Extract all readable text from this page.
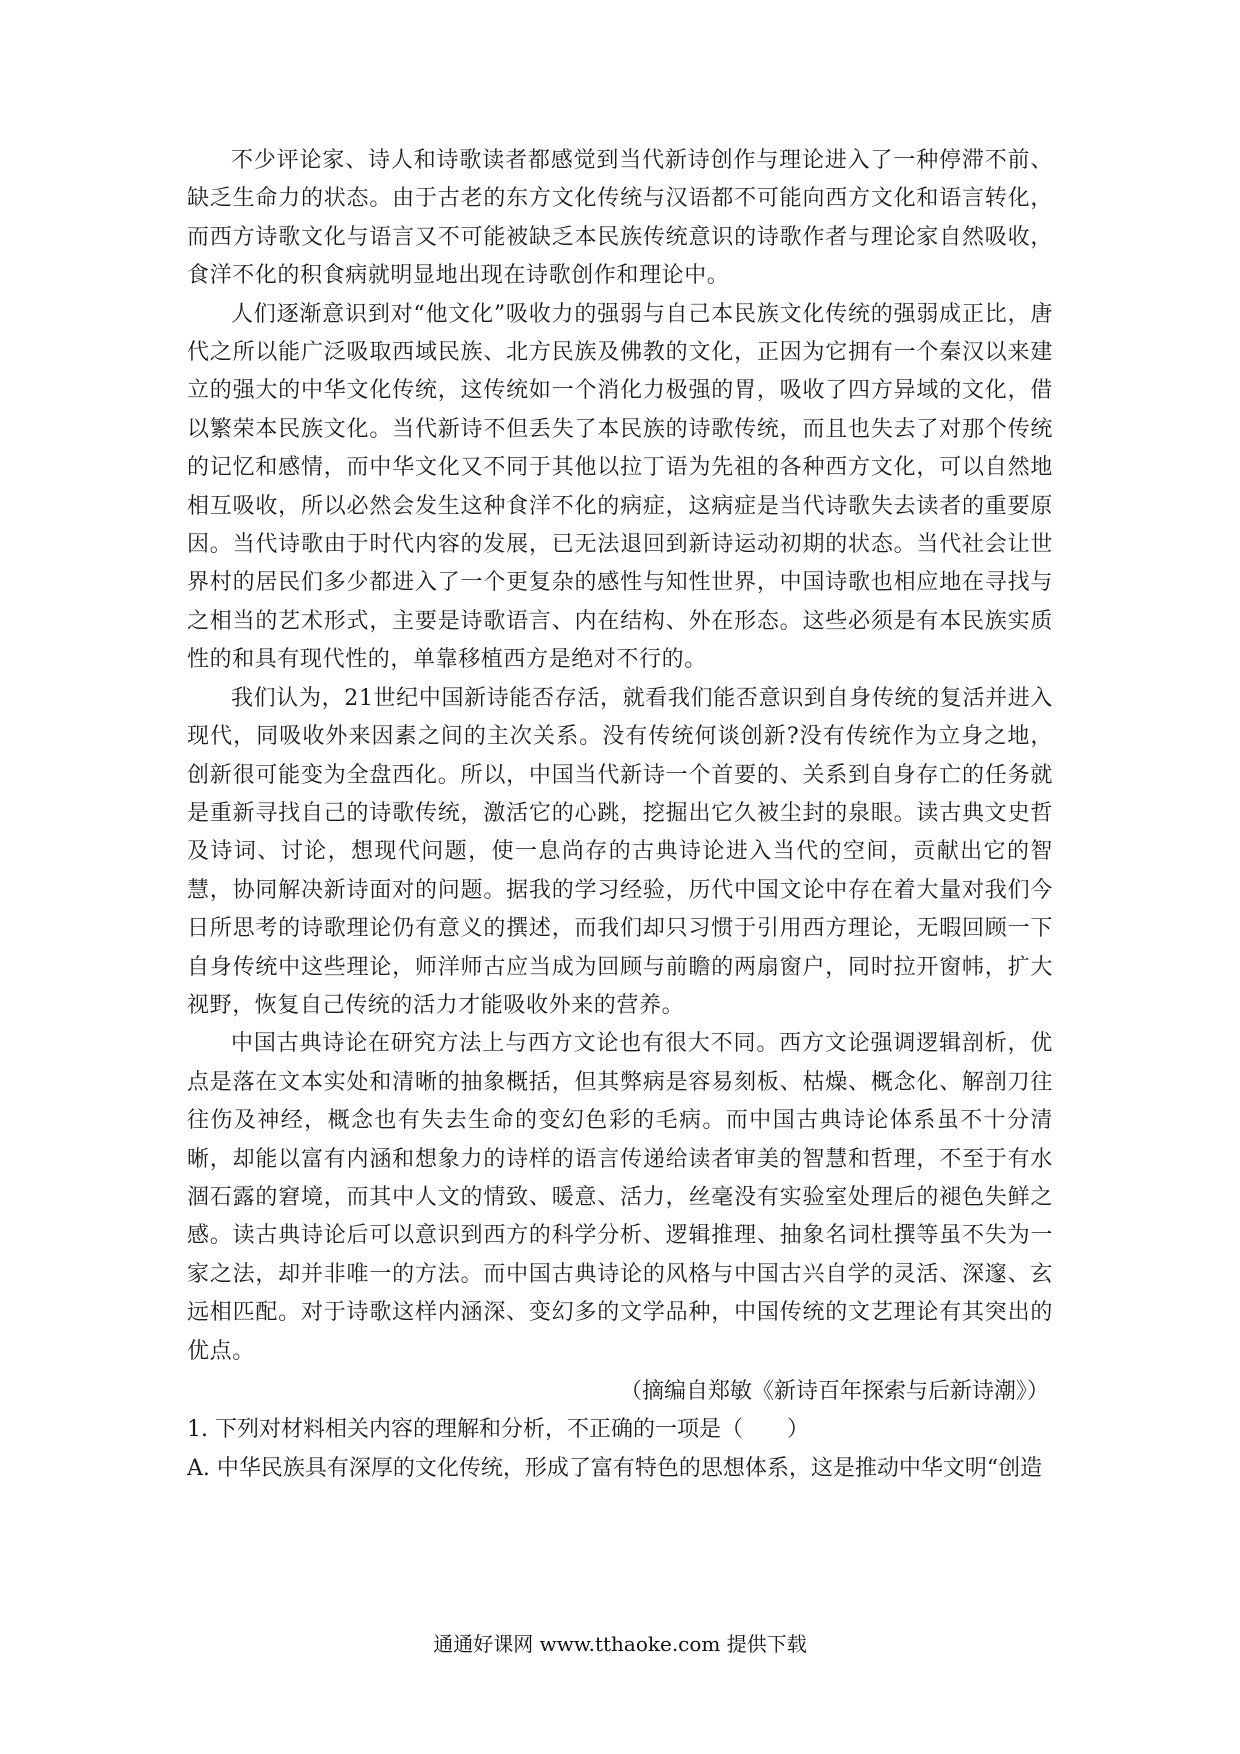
不少评论家、诗人和诗歌读者都感觉到当代新诗创作与理论进入了一种停滞不前、缺乏生命力的状态。由于古老的东方文化传统与汉语都不可能向西方文化和语言转化，而西方诗歌文化与语言又不可能被缺乏本民族传统意识的诗歌作者与理论家自然吸收，食洋不化的积食病就明显地出现在诗歌创作和理论中。

人们逐渐意识到对“他文化”吸收力的强弱与自己本民族文化传统的强弱成正比，唐代之所以能广泛吸取西域民族、北方民族及佛教的文化，正因为它拥有一个秦汉以来建立的强大的中华文化传统，这传统如一个消化力极强的胃，吸收了四方异域的文化，借以繁荣本民族文化。当代新诗不但丢失了本民族的诗歌传统，而且也失去了对那个传统的记忆和感情，而中华文化又不同于其他以拉丁语为先祖的各种西方文化，可以自然地相互吸收，所以必然会发生这种食洋不化的病症，这病症是当代诗歌失去读者的重要原因。当代诗歌由于时代内容的发展，已无法退回到新诗运动初期的状态。当代社会让世界村的居民们多少都进入了一个更复杂的感性与知性世界，中国诗歌也相应地在寻找与之相当的艺术形式，主要是诗歌语言、内在结构、外在形态。这些必须是有本民族实质性的和具有现代性的，单靠移植西方是绝对不行的。

我们认为，21世纪中国新诗能否存活，就看我们能否意识到自身传统的复活并进入现代，同吸收外来因素之间的主次关系。没有传统何谈创新?没有传统作为立身之地，创新很可能变为全盘西化。所以，中国当代新诗一个首要的、关系到自身存亡的任务就是重新寻找自己的诗歌传统，激活它的心跳，挖掘出它久被尘封的泉眼。读古典文史哲及诗词、讨论，想现代问题，使一息尚存的古典诗论进入当代的空间，贡献出它的智慧，协同解决新诗面对的问题。据我的学习经验，历代中国文论中存在着大量对我们今日所思考的诗歌理论仍有意义的撰述，而我们却只习惯于引用西方理论，无暇回顾一下自身传统中这些理论，师洋师古应当成为回顾与前瞻的两扇窗户，同时拉开窗帏，扩大视野，恢复自己传统的活力才能吸收外来的营养。

中国古典诗论在研究方法上与西方文论也有很大不同。西方文论强调逻辑剖析，优点是落在文本实处和清晰的抽象概括，但其弊病是容易刻板、枯燥、概念化、解剖刀往往伤及神经，概念也有失去生命的变幻色彩的毛病。而中国古典诗论体系虽不十分清晰，却能以富有内涵和想象力的诗样的语言传递给读者审美的智慧和哲理，不至于有水涸石露的窘境，而其中人文的情致、暖意、活力，丝毫没有实验室处理后的褪色失鲜之感。读古典诗论后可以意识到西方的科学分析、逻辑推理、抽象名词杜撰等虽不失为一家之法，却并非唯一的方法。而中国古典诗论的风格与中国古兴自学的灵活、深邃、玄远相匹配。对于诗歌这样内涵深、变幻多的文学品种，中国传统的文艺理论有其突出的优点。

（摘编自郑敏《新诗百年探索与后新诗潮》）

1. 下列对材料相关内容的理解和分析，不正确的一项是（　　）

A. 中华民族具有深厚的文化传统，形成了富有特色的思想体系，这是推动中华文明“创造

通通好课网 www.tthaoke.com 提供下载
